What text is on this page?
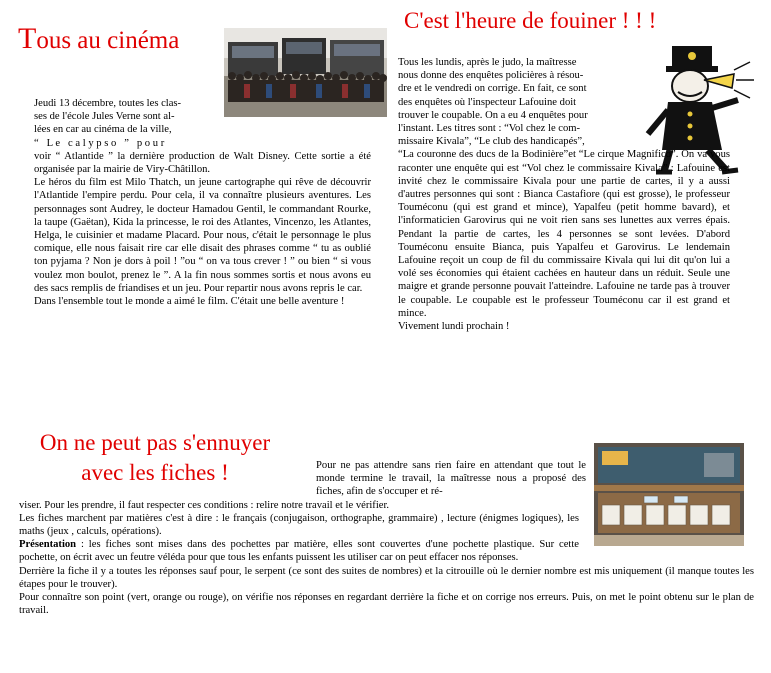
Tous au cinéma

Jeudi 13 décembre, toutes les clas-

ses de l'école Jules Verne sont al-

lées en car au cinéma de la ville,

“   L e   c a l y p s o   ”   p o u r

voir “ Atlantide ” la dernière production de Walt Disney. Cette sortie a été organisée par la mairie de Viry-Châtillon.

Le héros du film est Milo Thatch, un jeune cartographe qui rêve de découvrir l'Atlantide l'empire perdu. Pour cela, il va connaître plusieurs aventures. Les personnages sont Audrey, le docteur Hamadou Gentil, le commandant Rourke, la taupe (Gaëtan), Kida la princesse, le roi des Atlantes, Vincenzo, les Atlantes, Helga, le cuisinier et madame Placard. Pour nous, c'était le personnage le plus comique, elle nous faisait rire car elle disait des phrases comme “ tu as oublié ton pyjama ? Non je dors à poil ! ”ou “ on va tous crever ! ” ou bien “ si vous voulez mon boulot, prenez le ”. A la fin nous sommes sortis et nous avons eu des sacs remplis de friandises et un jeu. Pour repartir nous avons repris le car.

Dans l'ensemble tout le monde a aimé le film. C'était une belle aventure !

C'est l'heure de fouiner ! ! !

Tous les lundis, après le judo, la maîtresse

nous donne des enquêtes policières à résou-

dre et le vendredi on corrige. En fait, ce sont

des enquêtes où l'inspecteur Lafouine doit

trouver le coupable. On a eu 4 enquêtes pour

l'instant. Les titres sont : “Vol chez le com-

missaire Kivala”, “Le club des handicapés”,

“La couronne des ducs de la Bodinière”et “Le cirque Magnifico”. On va vous raconter une enquête qui est “Vol chez le commissaire Kivala” : Lafouine est invité chez le commissaire Kivala pour une partie de cartes, il y a aussi d'autres personnes qui sont : Bianca Castafiore (qui est grosse), le professeur Touméconu (qui est grand et mince), Yapalfeu (petit homme bavard), et l'informaticien Garovirus qui ne voit rien sans ses lunettes aux verres épais. Pendant la partie de cartes, les 4 personnes se sont levées. D'abord Touméconu ensuite Bianca, puis Yapalfeu et Garovirus. Le lendemain Lafouine reçoit un coup de fil du commissaire Kivala qui lui dit qu'on lui a volé ses économies qui étaient cachées en hauteur dans un réduit. Seule une maigre et grande personne pouvait l'atteindre. Lafouine ne tarde pas à trouver le coupable. Le coupable est le professeur Touméconu car il est grand et mince.

Vivement lundi prochain !

On ne peut pas s'ennuyer
avec les fiches !	Pour ne pas attendre sans rien faire en attendant que tout le monde termine le travail, la maîtresse nous a proposé des fiches, afin de s'occuper et ré-

viser. Pour les prendre, il faut respecter ces conditions : relire notre travail et le vérifier.

Les fiches marchent par matières c'est à dire : le français (conjugaison, orthographe, grammaire) , lecture (énigmes logiques), les maths (jeux , calculs, opérations).

Présentation : les fiches sont mises dans des pochettes par matière, elles sont couvertes d'une pochette plastique. Sur cette pochette, on écrit avec un feutre véléda pour que tous les enfants puissent les utiliser car on peut effacer nos réponses.

Derrière la fiche il y a toutes les réponses sauf pour, le serpent (ce sont des suites de nombres) et la citrouille où le dernier nombre est mis uniquement (il manque toutes les étapes pour le trouver).

Pour connaître son point (vert, orange ou rouge), on vérifie nos réponses en regardant derrière la fiche et on corrige nos erreurs. Puis, on met le point obtenu sur le plan de travail.
